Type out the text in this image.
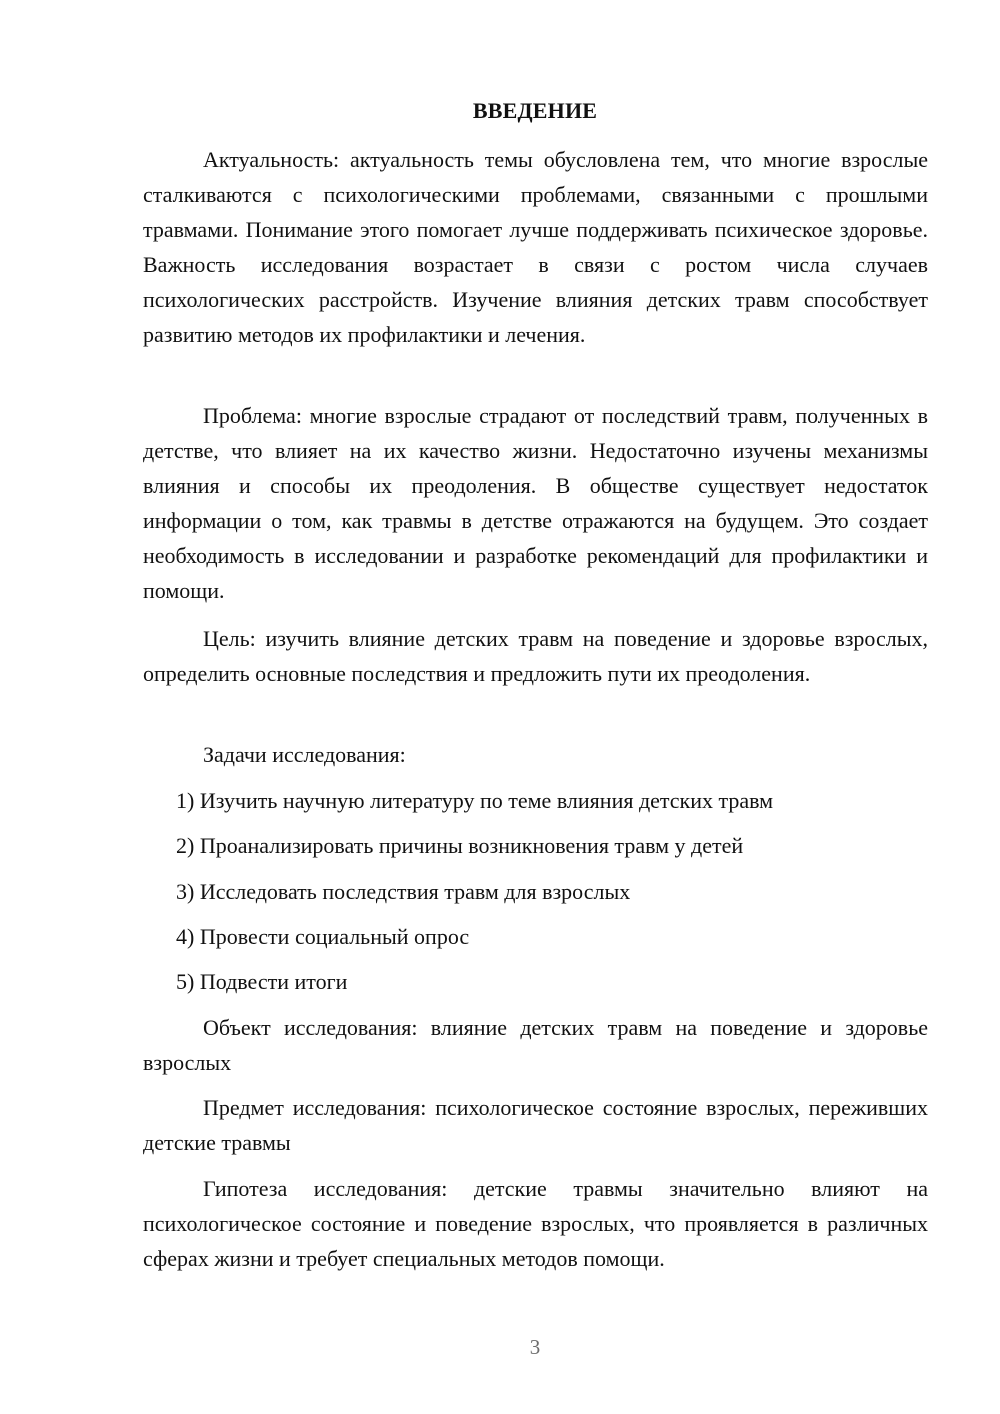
ВВЕДЕНИЕ

Актуальность: актуальность темы обусловлена тем, что многие взрослые сталкиваются с психологическими проблемами, связанными с прошлыми травмами. Понимание этого помогает лучше поддерживать психическое здоровье. Важность исследования возрастает в связи с ростом числа случаев психологических расстройств. Изучение влияния детских травм способствует развитию методов их профилактики и лечения.

Проблема: многие взрослые страдают от последствий травм, полученных в детстве, что влияет на их качество жизни. Недостаточно изучены механизмы влияния и способы их преодоления. В обществе существует недостаток информации о том, как травмы в детстве отражаются на будущем. Это создает необходимость в исследовании и разработке рекомендаций для профилактики и помощи.

Цель: изучить влияние детских травм на поведение и здоровье взрослых, определить основные последствия и предложить пути их преодоления.

Задачи исследования:

1) Изучить научную литературу по теме влияния детских травм

2) Проанализировать причины возникновения травм у детей

3) Исследовать последствия травм для взрослых

4) Провести социальный опрос

5) Подвести итоги

Объект исследования: влияние детских травм на поведение и здоровье взрослых

Предмет исследования: психологическое состояние взрослых, переживших детские травмы

Гипотеза исследования: детские травмы значительно влияют на психологическое состояние и поведение взрослых, что проявляется в различных сферах жизни и требует специальных методов помощи.

3
